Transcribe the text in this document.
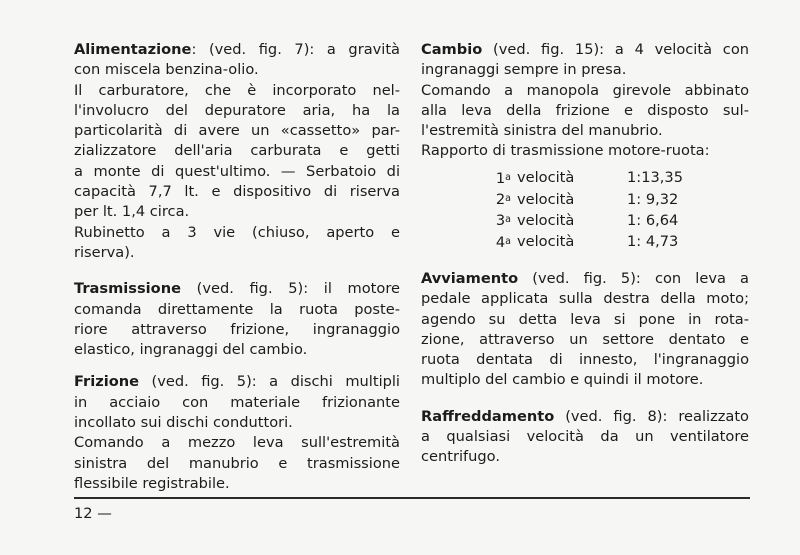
Alimentazione: (ved. fig. 7): a gravità
con miscela benzina-olio.
Il carburatore, che è incorporato nel-
l'involucro del depuratore aria, ha la
particolarità di avere un «cassetto» par-
zializzatore dell'aria carburata e getti
a monte di quest'ultimo. — Serbatoio di
capacità 7,7 lt. e dispositivo di riserva
per lt. 1,4 circa.
Rubinetto a 3 vie (chiuso, aperto e
riserva).
Trasmissione (ved. fig. 5): il motore
comanda direttamente la ruota poste-
riore attraverso frizione, ingranaggio
elastico, ingranaggi del cambio.
Frizione (ved. fig. 5): a dischi multipli
in acciaio con materiale frizionante
incollato sui dischi conduttori.
Comando a mezzo leva sull'estremità
sinistra del manubrio e trasmissione
flessibile registrabile.
Cambio (ved. fig. 15): a 4 velocità con
ingranaggi sempre in presa.
Comando a manopola girevole abbinato
alla leva della frizione e disposto sul-
l'estremità sinistra del manubrio.
Rapporto di trasmissione motore-ruota:
1$^a$	velocità	1:13,35
2$^a$	velocità	1: 9,32
3$^a$	velocità	1: 6,64
4$^a$	velocità	1: 4,73
Avviamento (ved. fig. 5): con leva a
pedale applicata sulla destra della moto;
agendo su detta leva si pone in rota-
zione, attraverso un settore dentato e
ruota dentata di innesto, l'ingranaggio
multiplo del cambio e quindi il motore.
Raffreddamento (ved. fig. 8): realizzato
a qualsiasi velocità da un ventilatore
centrifugo.
12 —
